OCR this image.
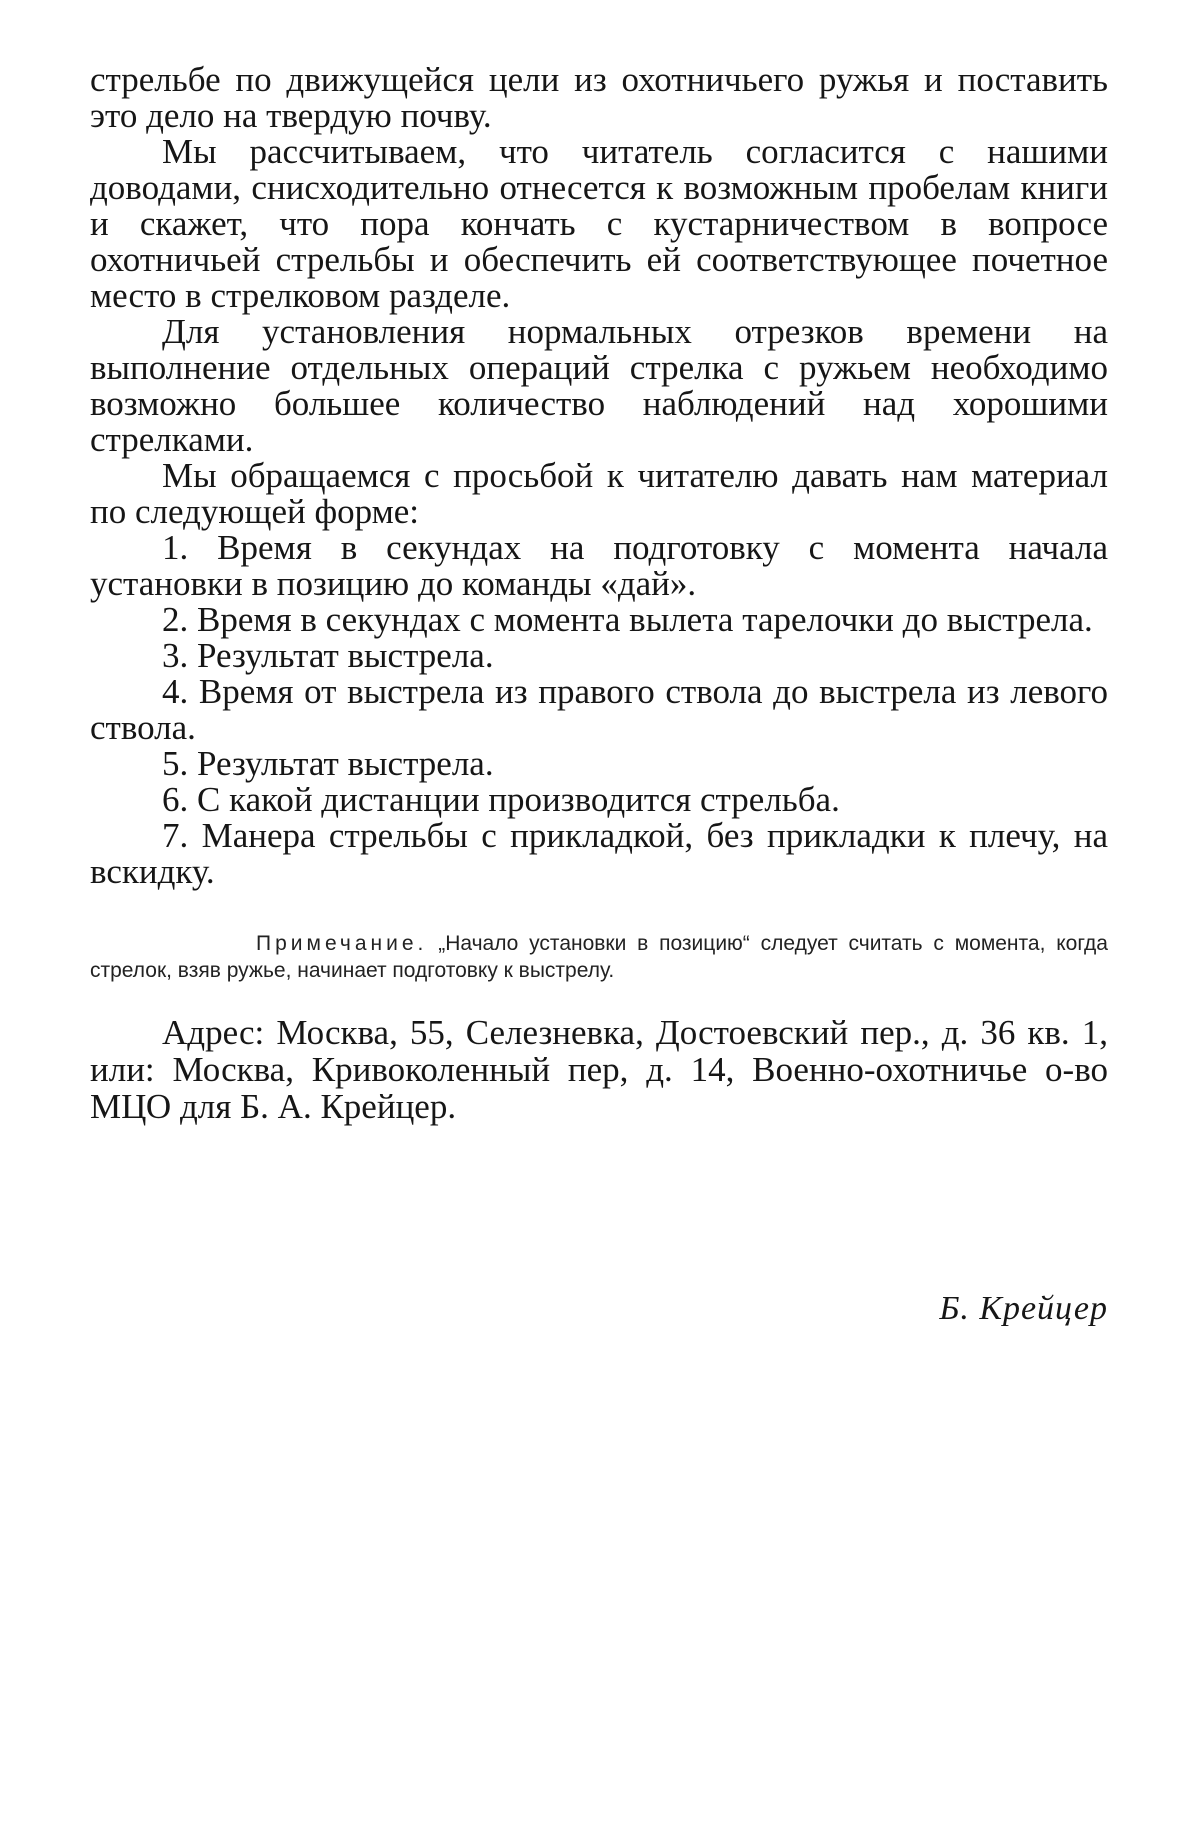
стрельбе по движущейся цели из охотничьего ружья и поставить это дело на твердую почву.

Мы рассчитываем, что читатель согласится с нашими доводами, снисходительно отнесется к возможным пробелам книги и скажет, что пора кончать с кустарничеством в вопросе охотничьей стрельбы и обеспечить ей соответствующее почетное место в стрелковом разделе.

Для установления нормальных отрезков времени на выполнение отдельных операций стрелка с ружьем необходимо возможно большее количество наблюдений над хорошими стрелками.

Мы обращаемся с просьбой к читателю давать нам материал по следующей форме:

1. Время в секундах на подготовку с момента начала установки в позицию до команды «дай».

2. Время в секундах с момента вылета тарелочки до выстрела.

3. Результат выстрела.

4. Время от выстрела из правого ствола до выстрела из левого ствола.

5. Результат выстрела.

6. С какой дистанции производится стрельба.

7. Манера стрельбы с прикладкой, без прикладки к плечу, на вскидку.

Примечание. „Начало установки в позицию“ следует считать с момента, когда стрелок, взяв ружье, начинает подготовку к выстрелу.

Адрес: Москва, 55, Селезневка, Достоевский пер., д. 36 кв. 1, или: Москва, Кривоколенный пер, д. 14, Военно-охотничье о-во МЦО для Б. А. Крейцер.

Б. Крейцер
